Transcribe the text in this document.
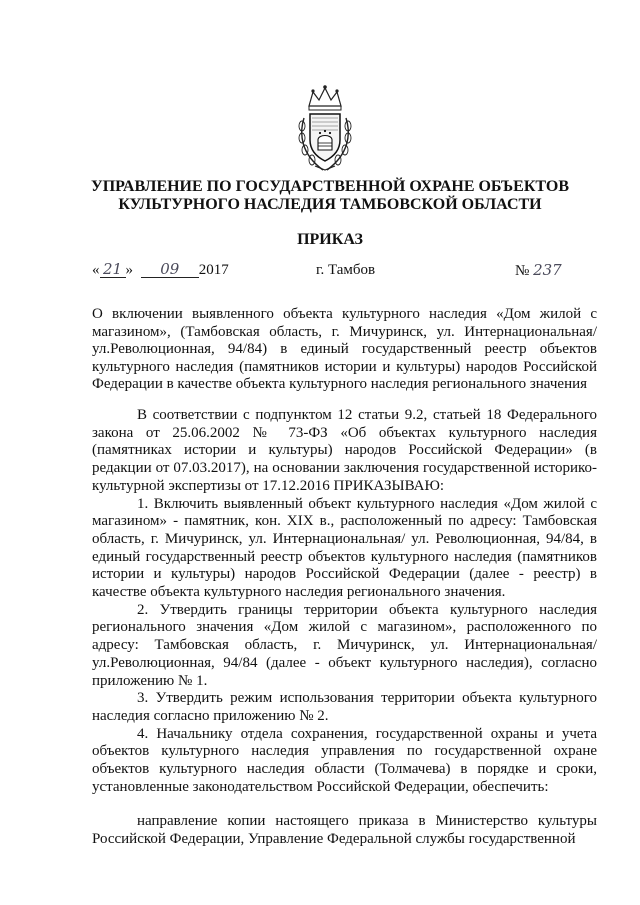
УПРАВЛЕНИЕ ПО ГОСУДАРСТВЕННОЙ ОХРАНЕ ОБЪЕКТОВ
КУЛЬТУРНОГО НАСЛЕДИЯ ТАМБОВСКОЙ ОБЛАСТИ
ПРИКАЗ
« 21 » 09 2017	г. Тамбов	№ 237
О включении выявленного объекта культурного наследия «Дом жилой с магазином», (Тамбовская область, г. Мичуринск, ул. Интернациональная/ ул.Революционная, 94/84) в единый государственный реестр объектов культурного наследия (памятников истории и культуры) народов Российской Федерации в качестве объекта культурного наследия регионального значения

В соответствии с подпунктом 12 статьи 9.2, статьей 18 Федерального закона от 25.06.2002 № 73-ФЗ «Об объектах культурного наследия (памятниках истории и культуры) народов Российской Федерации» (в редакции от 07.03.2017), на основании заключения государственной историко-культурной экспертизы от 17.12.2016 ПРИКАЗЫВАЮ:

1. Включить выявленный объект культурного наследия «Дом жилой с магазином» - памятник, кон. XIX в., расположенный по адресу: Тамбовская область, г. Мичуринск, ул. Интернациональная/ ул. Революционная, 94/84, в единый государственный реестр объектов культурного наследия (памятников истории и культуры) народов Российской Федерации (далее - реестр) в качестве объекта культурного наследия регионального значения.

2. Утвердить границы территории объекта культурного наследия регионального значения «Дом жилой с магазином», расположенного по адресу: Тамбовская область, г. Мичуринск, ул. Интернациональная/ ул.Революционная, 94/84 (далее - объект культурного наследия), согласно приложению № 1.

3. Утвердить режим использования территории объекта культурного наследия согласно приложению № 2.

4. Начальнику отдела сохранения, государственной охраны и учета объектов культурного наследия управления по государственной охране объектов культурного наследия области (Толмачева) в порядке и сроки, установленные законодательством Российской Федерации, обеспечить:

направление копии настоящего приказа в Министерство культуры Российской Федерации, Управление Федеральной службы государственной
